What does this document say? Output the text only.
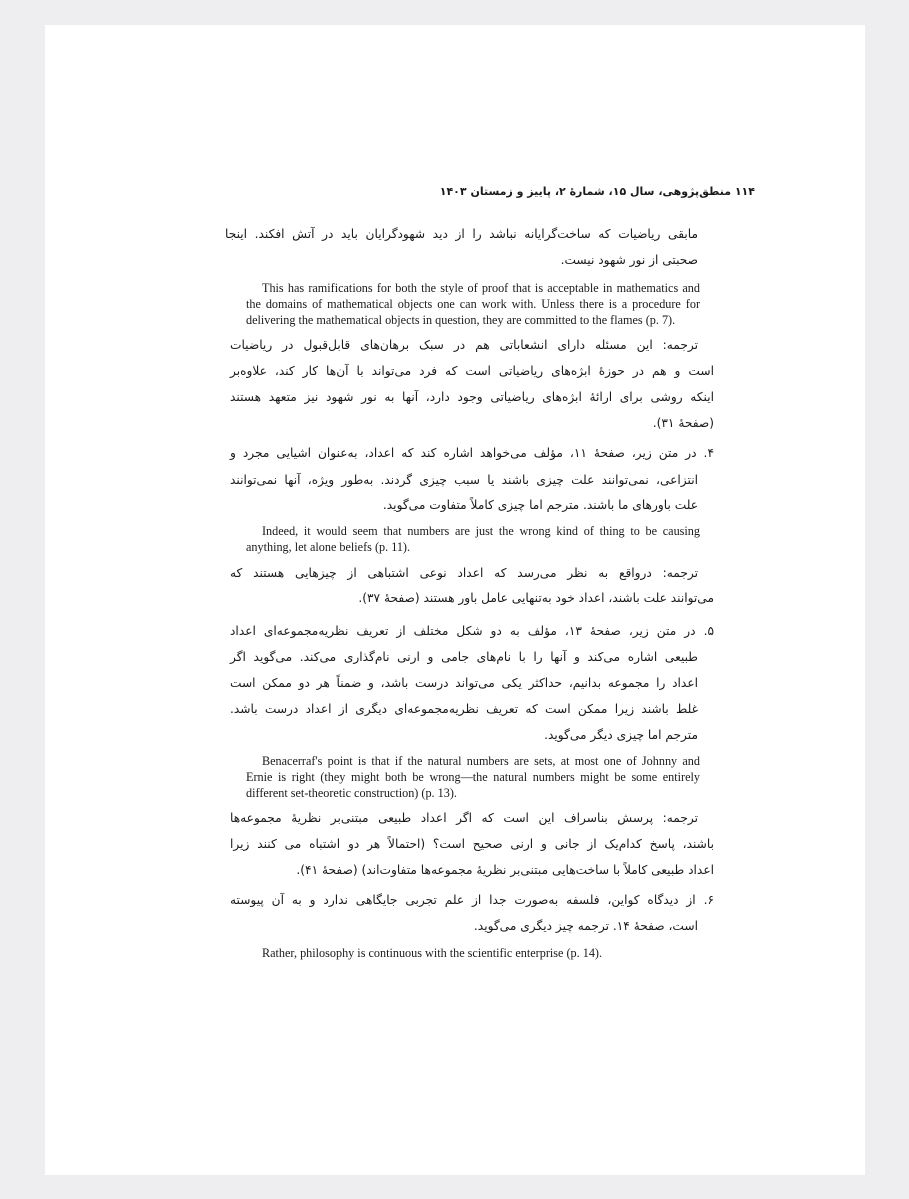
۱۱۴ منطق‌پژوهی، سال ۱۵، شمارهٔ ۲، پاییز و زمستان ۱۴۰۳
مابقی ریاضیات که ساخت‌گرایانه نباشد را از دید شهودگرایان باید در آتش افکند. اینجا
صحبتی از نور شهود نیست.
This has ramifications for both the style of proof that is acceptable in mathematics and
the domains of mathematical objects one can work with. Unless there is a procedure for
delivering the mathematical objects in question, they are committed to the flames (p. 7).
ترجمه: این مسئله دارای انشعاباتی هم در سبک برهان‌های قابل‌قبول در ریاضیات
است و هم در حوزهٔ ابژه‌های ریاضیاتی است که فرد می‌تواند با آن‌ها کار کند، علاوه‌بر
اینکه روشی برای ارائهٔ ابژه‌های ریاضیاتی وجود دارد، آنها به نور شهود نیز متعهد هستند
(صفحهٔ ۳۱).
۴. در متن زیر، صفحهٔ ۱۱، مؤلف می‌خواهد اشاره کند که اعداد، به‌عنوان اشیایی مجرد و
انتزاعی، نمی‌توانند علت چیزی باشند یا سبب چیزی گردند. به‌طور ویژه، آنها نمی‌توانند
علت باورهای ما باشند. مترجم اما چیزی کاملاً متفاوت می‌گوید.
Indeed, it would seem that numbers are just the wrong kind of thing to be causing
anything, let alone beliefs (p. 11).
ترجمه: درواقع به نظر می‌رسد که اعداد نوعی اشتباهی از چیزهایی هستند که
می‌توانند علت باشند، اعداد خود به‌تنهایی عامل باور هستند (صفحهٔ ۳۷).
۵. در متن زیر، صفحهٔ ۱۳، مؤلف به دو شکل مختلف از تعریف نظریه‌مجموعه‌ای اعداد
طبیعی اشاره می‌کند و آنها را با نام‌های جامی و ارنی نام‌گذاری می‌کند. می‌گوید اگر
اعداد را مجموعه بدانیم، حداکثر یکی می‌تواند درست باشد، و ضمناً هر دو ممکن است
غلط باشند زیرا ممکن است که تعریف نظریه‌مجموعه‌ای دیگری از اعداد درست باشد.
مترجم اما چیزی دیگر می‌گوید.
Benacerraf's point is that if the natural numbers are sets, at most one of Johnny and
Ernie is right (they might both be wrong—the natural numbers might be some entirely
different set-theoretic construction) (p. 13).
ترجمه: پرسش بناسراف این است که اگر اعداد طبیعی مبتنی‌بر نظریهٔ مجموعه‌ها
باشند، پاسخ کدام‌یک از جانی و ارنی صحیح است؟ (احتمالاً هر دو اشتباه می کنند زیرا
اعداد طبیعی کاملاً با ساخت‌هایی مبتنی‌بر نظریهٔ مجموعه‌ها متفاوت‌اند) (صفحهٔ ۴۱).
۶. از دیدگاه کواین، فلسفه به‌صورت جدا از علم تجربی جایگاهی ندارد و به آن پیوسته
است، صفحهٔ ۱۴. ترجمه چیز دیگری می‌گوید.
Rather, philosophy is continuous with the scientific enterprise (p. 14).
